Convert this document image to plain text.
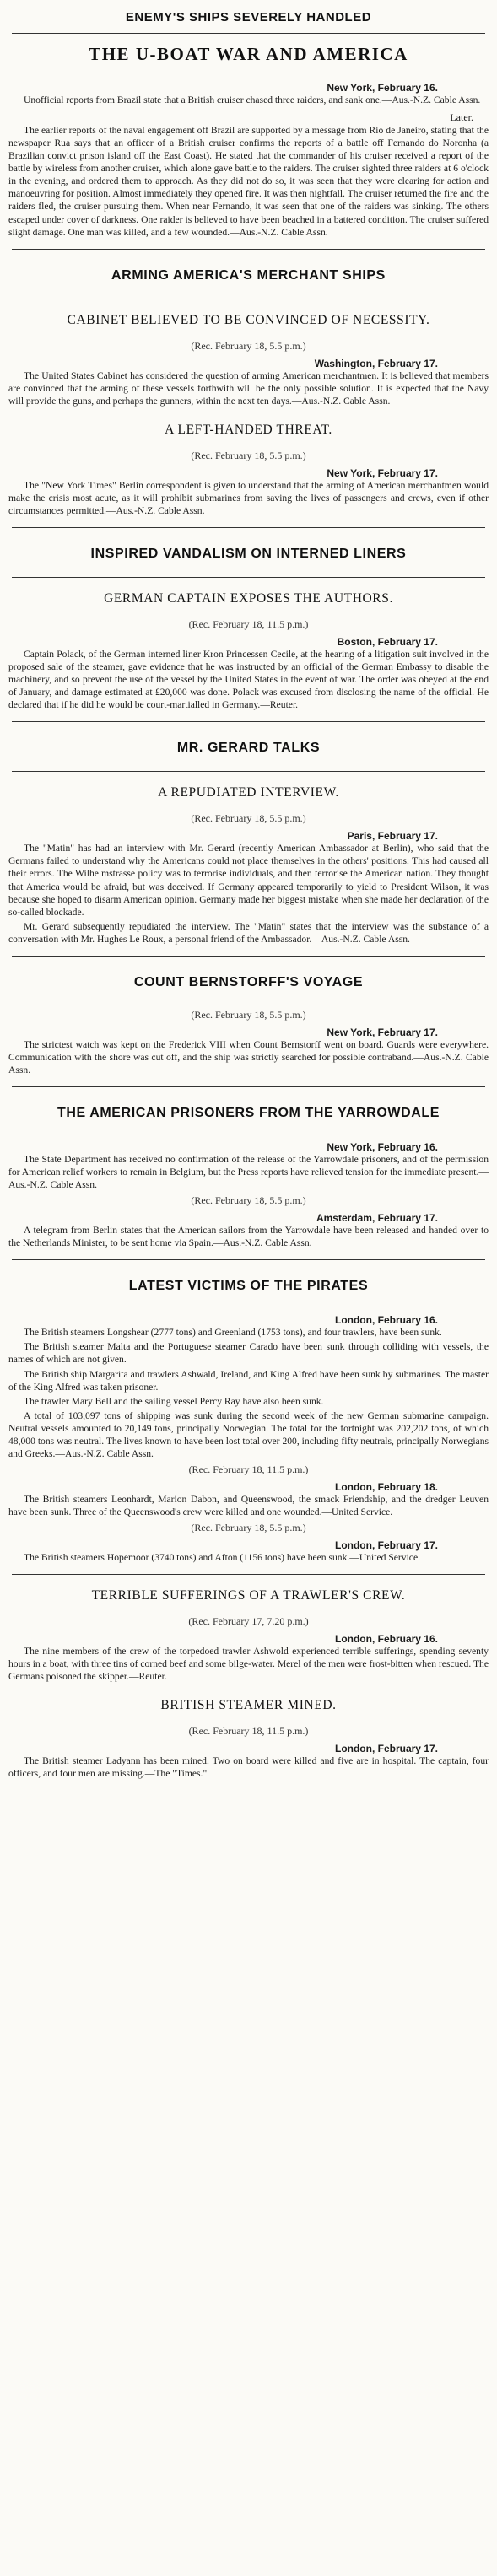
ENEMY'S SHIPS SEVERELY HANDLED
THE U-BOAT WAR AND AMERICA
New York, February 16.

Unofficial reports from Brazil state that a British cruiser chased three raiders, and sank one.—Aus.-N.Z. Cable Assn.

Later.

The earlier reports of the naval engagement off Brazil are supported by a message from Rio de Janeiro, stating that the newspaper Rua says that an officer of a British cruiser confirms the reports of a battle off Fernando do Noronha (a Brazilian convict prison island off the East Coast). He stated that the commander of his cruiser received a report of the battle by wireless from another cruiser, which alone gave battle to the raiders. The cruiser sighted three raiders at 6 o'clock in the evening, and ordered them to approach. As they did not do so, it was seen that they were clearing for action and manoeuvring for position. Almost immediately they opened fire. It was then nightfall. The cruiser returned the fire and the raiders fled, the cruiser pursuing them. When near Fernando, it was seen that one of the raiders was sinking. The others escaped under cover of darkness. One raider is believed to have been beached in a battered condition. The cruiser suffered slight damage. One man was killed, and a few wounded.—Aus.-N.Z. Cable Assn.

ARMING AMERICA'S MERCHANT SHIPS
CABINET BELIEVED TO BE CONVINCED OF NECESSITY.
(Rec. February 18, 5.5 p.m.)
Washington, February 17.

The United States Cabinet has considered the question of arming American merchantmen. It is believed that members are convinced that the arming of these vessels forthwith will be the only possible solution. It is expected that the Navy will provide the guns, and perhaps the gunners, within the next ten days.—Aus.-N.Z. Cable Assn.

A LEFT-HANDED THREAT.
(Rec. February 18, 5.5 p.m.)
New York, February 17.

The "New York Times" Berlin correspondent is given to understand that the arming of American merchantmen would make the crisis most acute, as it will prohibit submarines from saving the lives of passengers and crews, even if other circumstances permitted.—Aus.-N.Z. Cable Assn.

INSPIRED VANDALISM ON INTERNED LINERS
GERMAN CAPTAIN EXPOSES THE AUTHORS.
(Rec. February 18, 11.5 p.m.)
Boston, February 17.

Captain Polack, of the German interned liner Kron Princessen Cecile, at the hearing of a litigation suit involved in the proposed sale of the steamer, gave evidence that he was instructed by an official of the German Embassy to disable the machinery, and so prevent the use of the vessel by the United States in the event of war. The order was obeyed at the end of January, and damage estimated at £20,000 was done. Polack was excused from disclosing the name of the official. He declared that if he did he would be court-martialled in Germany.—Reuter.

MR. GERARD TALKS
A REPUDIATED INTERVIEW.
(Rec. February 18, 5.5 p.m.)
Paris, February 17.

The "Matin" has had an interview with Mr. Gerard (recently American Ambassador at Berlin), who said that the Germans failed to understand why the Americans could not place themselves in the others' positions. This had caused all their errors. The Wilhelmstrasse policy was to terrorise individuals, and then terrorise the American nation. They thought that America would be afraid, but was deceived. If Germany appeared temporarily to yield to President Wilson, it was because she hoped to disarm American opinion. Germany made her biggest mistake when she made her declaration of the so-called blockade.

Mr. Gerard subsequently repudiated the interview. The "Matin" states that the interview was the substance of a conversation with Mr. Hughes Le Roux, a personal friend of the Ambassador.—Aus.-N.Z. Cable Assn.

COUNT BERNSTORFF'S VOYAGE
(Rec. February 18, 5.5 p.m.)
New York, February 17.

The strictest watch was kept on the Frederick VIII when Count Bernstorff went on board. Guards were everywhere. Communication with the shore was cut off, and the ship was strictly searched for possible contraband.—Aus.-N.Z. Cable Assn.

THE AMERICAN PRISONERS FROM THE YARROWDALE
New York, February 16.

The State Department has received no confirmation of the release of the Yarrowdale prisoners, and of the permission for American relief workers to remain in Belgium, but the Press reports have relieved tension for the immediate present.—Aus.-N.Z. Cable Assn.

(Rec. February 18, 5.5 p.m.)
Amsterdam, February 17.

A telegram from Berlin states that the American sailors from the Yarrowdale have been released and handed over to the Netherlands Minister, to be sent home via Spain.—Aus.-N.Z. Cable Assn.

LATEST VICTIMS OF THE PIRATES
London, February 16.

The British steamers Longshear (2777 tons) and Greenland (1753 tons), and four trawlers, have been sunk.

The British steamer Malta and the Portuguese steamer Carado have been sunk through colliding with vessels, the names of which are not given.

The British ship Margarita and trawlers Ashwald, Ireland, and King Alfred have been sunk by submarines. The master of the King Alfred was taken prisoner.

The trawler Mary Bell and the sailing vessel Percy Ray have also been sunk.

A total of 103,097 tons of shipping was sunk during the second week of the new German submarine campaign. Neutral vessels amounted to 20,149 tons, principally Norwegian. The total for the fortnight was 202,202 tons, of which 48,000 tons was neutral. The lives known to have been lost total over 200, including fifty neutrals, principally Norwegians and Greeks.—Aus.-N.Z. Cable Assn.

(Rec. February 18, 11.5 p.m.)
London, February 18.

The British steamers Leonhardt, Marion Dabon, and Queenswood, the smack Friendship, and the dredger Leuven have been sunk. Three of the Queenswood's crew were killed and one wounded.—United Service.

(Rec. February 18, 5.5 p.m.)
London, February 17.

The British steamers Hopemoor (3740 tons) and Afton (1156 tons) have been sunk.—United Service.

TERRIBLE SUFFERINGS OF A TRAWLER'S CREW.
(Rec. February 17, 7.20 p.m.)
London, February 16.

The nine members of the crew of the torpedoed trawler Ashwold experienced terrible sufferings, spending seventy hours in a boat, with three tins of corned beef and some bilge-water. Merel of the men were frost-bitten when rescued. The Germans poisoned the skipper.—Reuter.

BRITISH STEAMER MINED.
(Rec. February 18, 11.5 p.m.)
London, February 17.

The British steamer Ladyann has been mined. Two on board were killed and five are in hospital. The captain, four officers, and four men are missing.—The "Times."
